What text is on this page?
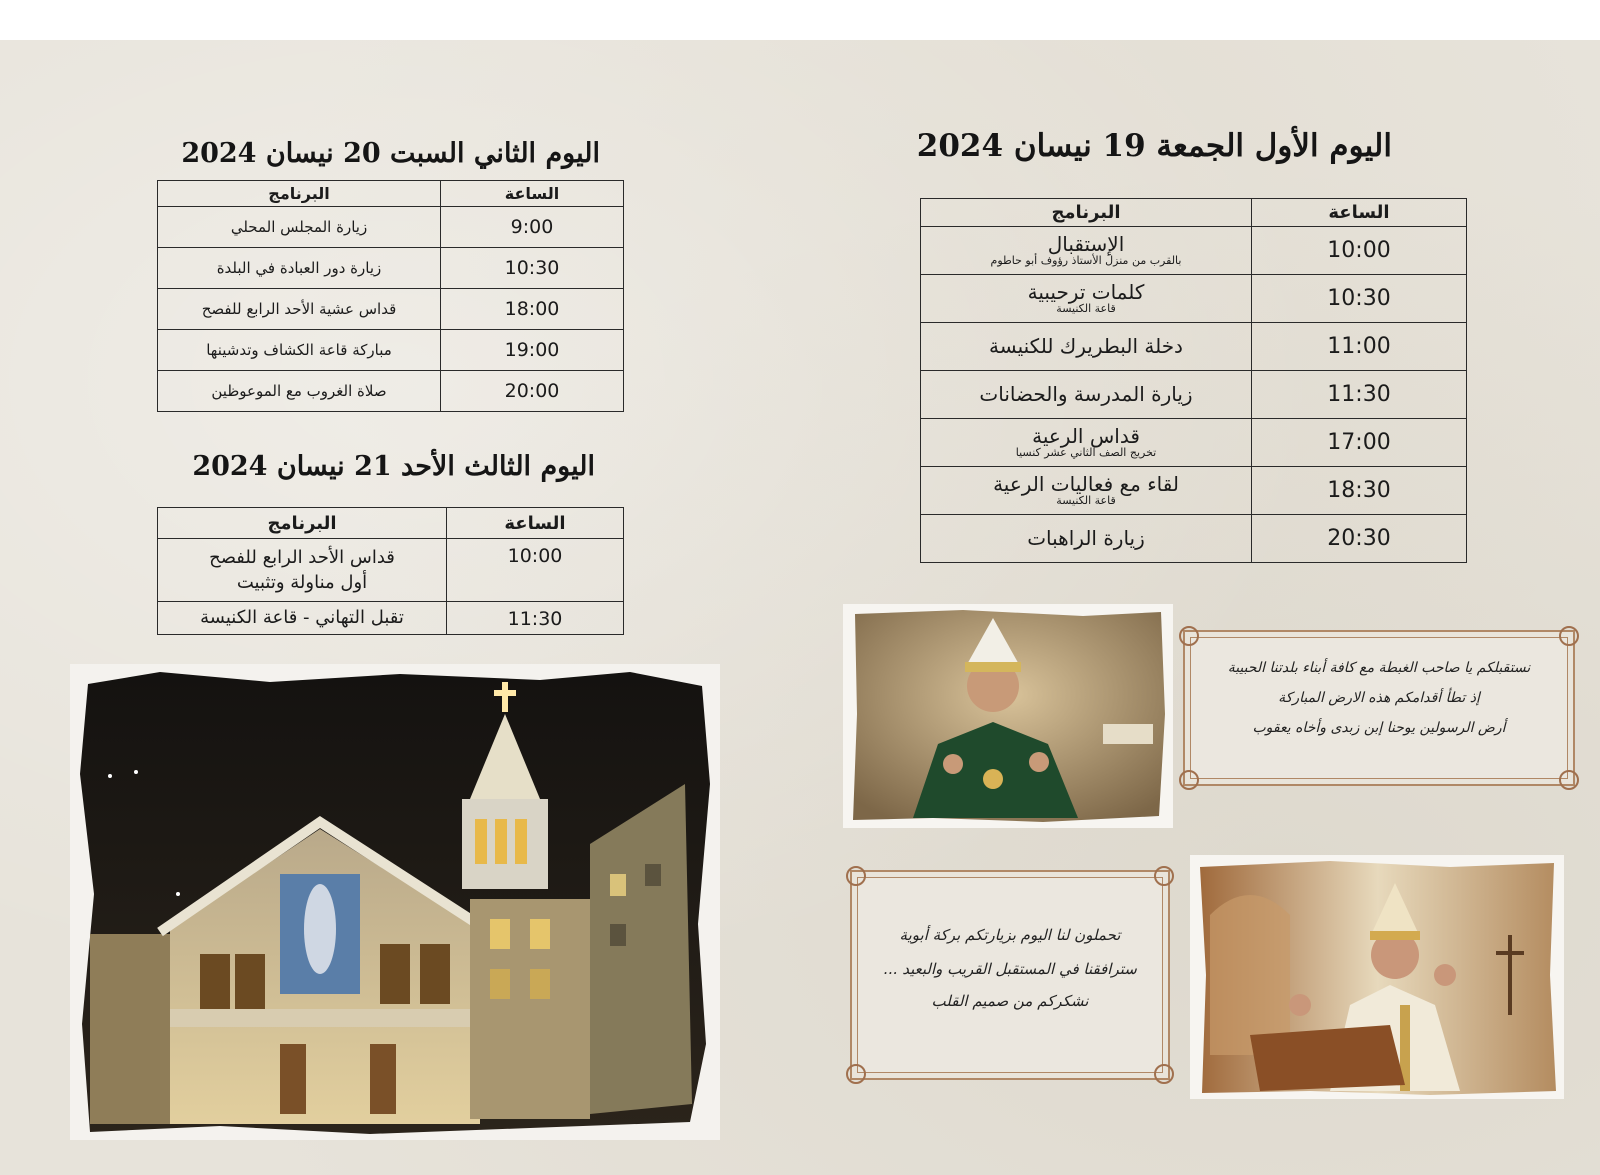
اليوم الأول الجمعة 19 نيسان 2024
الساعة	البرنامج
10:00	الإستقبال
بالقرب من منزل الأستاذ رؤوف أبو حاطوم

10:30	كلمات ترحيبية
قاعة الكنيسة

11:00	دخلة البطريرك للكنيسة

11:30	زيارة المدرسة والحضانات

17:00	قداس الرعية
تخريج الصف الثاني عشر كنسيا

18:30	لقاء مع فعاليات الرعية
قاعة الكنيسة

20:30	زيارة الراهبات
اليوم الثاني السبت 20 نيسان 2024
الساعة	البرنامج
9:00	زيارة المجلس المحلي
10:30	زيارة دور العبادة في البلدة
18:00	قداس عشية الأحد الرابع للفصح
19:00	مباركة قاعة الكشاف وتدشينها
20:00	صلاة الغروب مع الموعوظين
اليوم الثالث الأحد 21 نيسان 2024
الساعة	البرنامج
10:00	قداس الأحد الرابع للفصح
أول مناولة وتثبيت

11:30	تقبل التهاني - قاعة الكنيسة
نستقبلكم يا صاحب الغبطة مع كافة أبناء بلدتنا الحبيبة
إذ تطأ أقدامكم هذه الارض المباركة
أرض الرسولين يوحنا إبن زبدى وأخاه يعقوب
تحملون لنا اليوم بزيارتكم بركة أبوية
سترافقنا في المستقبل القريب والبعيد ...
نشكركم من صميم القلب
